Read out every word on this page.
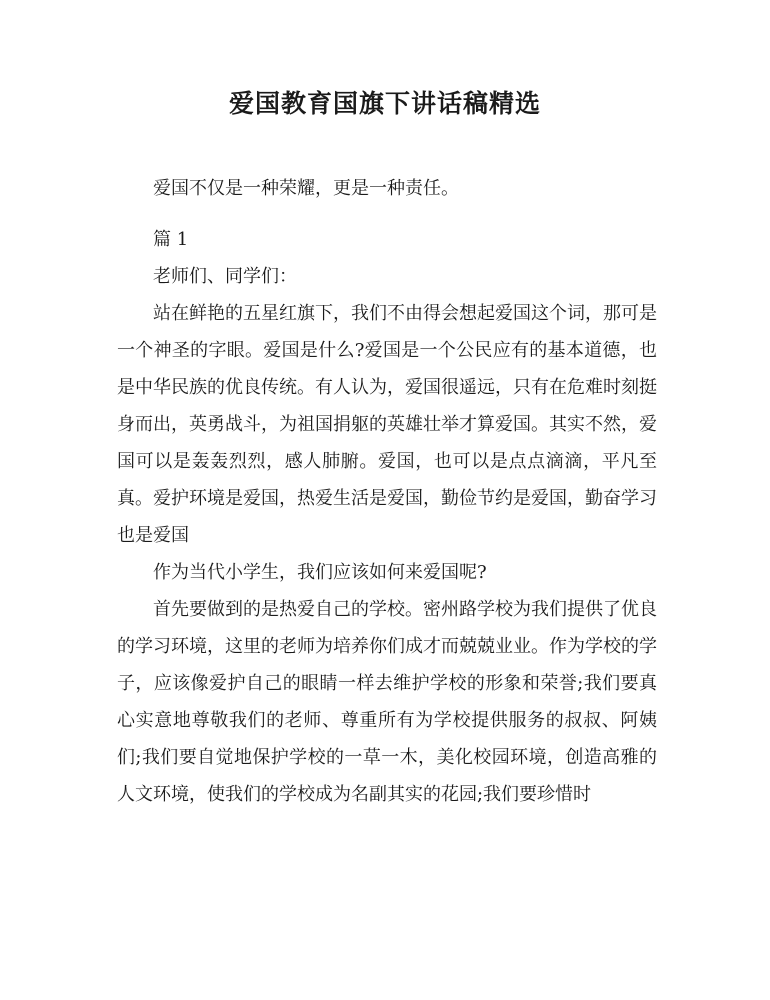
爱国教育国旗下讲话稿精选

爱国不仅是一种荣耀，更是一种责任。

篇 1

老师们、同学们：

站在鲜艳的五星红旗下，我们不由得会想起爱国这个词，那可是一个神圣的字眼。爱国是什么?爱国是一个公民应有的基本道德，也是中华民族的优良传统。有人认为，爱国很遥远，只有在危难时刻挺身而出，英勇战斗，为祖国捐躯的英雄壮举才算爱国。其实不然，爱国可以是轰轰烈烈，感人肺腑。爱国，也可以是点点滴滴，平凡至真。爱护环境是爱国，热爱生活是爱国，勤俭节约是爱国，勤奋学习也是爱国

作为当代小学生，我们应该如何来爱国呢?

首先要做到的是热爱自己的学校。密州路学校为我们提供了优良的学习环境，这里的老师为培养你们成才而兢兢业业。作为学校的学子，应该像爱护自己的眼睛一样去维护学校的形象和荣誉;我们要真心实意地尊敬我们的老师、尊重所有为学校提供服务的叔叔、阿姨们;我们要自觉地保护学校的一草一木，美化校园环境，创造高雅的人文环境，使我们的学校成为名副其实的花园;我们要珍惜时
